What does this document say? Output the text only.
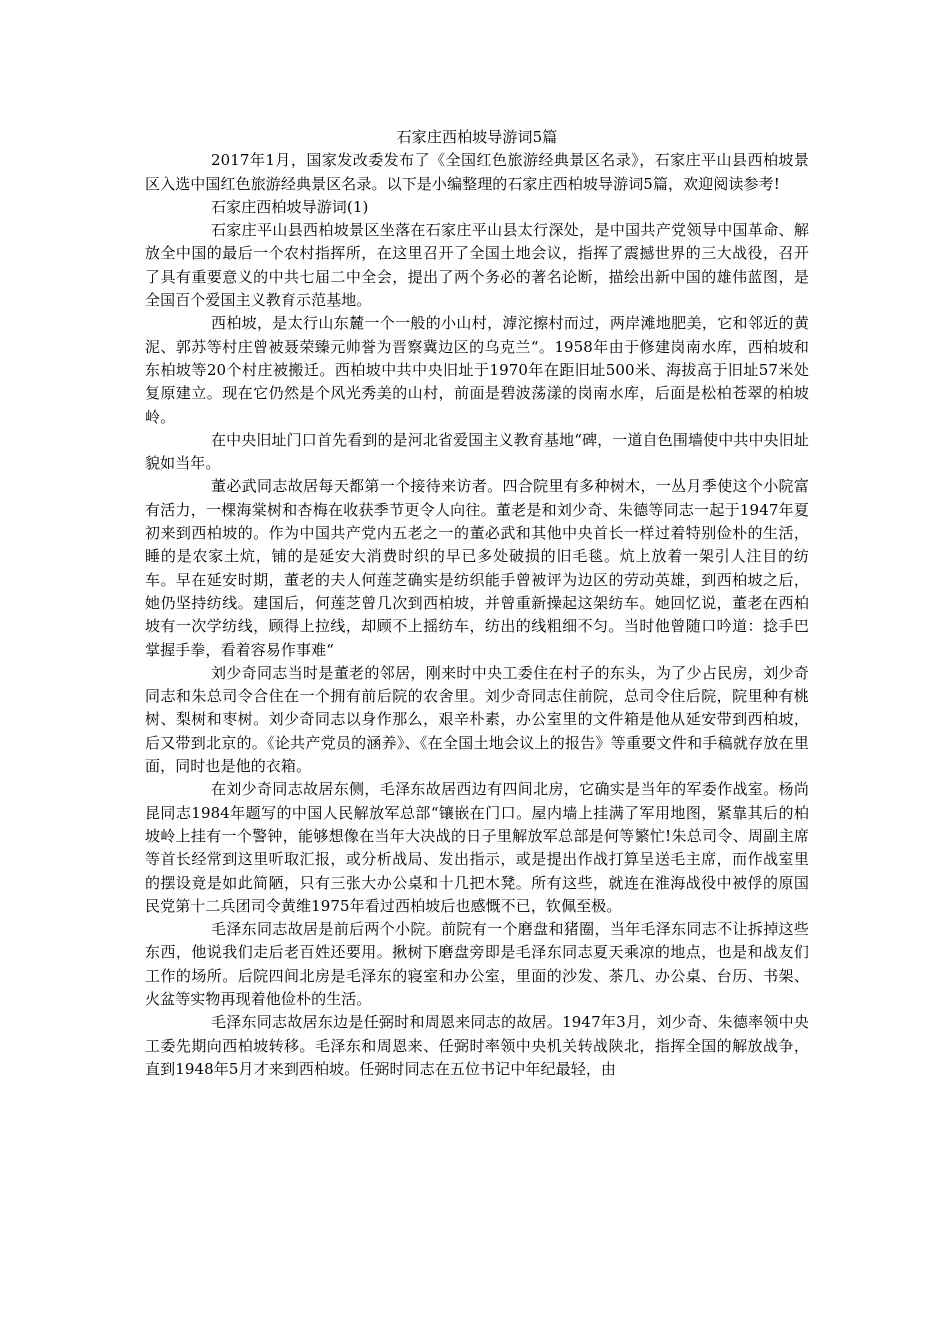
石家庄西柏坡导游词5篇

2017年1月，国家发改委发布了《全国红色旅游经典景区名录》，石家庄平山县西柏坡景区入选中国红色旅游经典景区名录。以下是小编整理的石家庄西柏坡导游词5篇，欢迎阅读参考!

石家庄西柏坡导游词(1)

石家庄平山县西柏坡景区坐落在石家庄平山县太行深处，是中国共产党领导中国革命、解放全中国的最后一个农村指挥所，在这里召开了全国土地会议，指挥了震撼世界的三大战役，召开了具有重要意义的中共七届二中全会，提出了两个务必的著名论断，描绘出新中国的雄伟蓝图，是全国百个爱国主义教育示范基地。

西柏坡，是太行山东麓一个一般的小山村，滹沱擦村而过，两岸滩地肥美，它和邻近的黄泥、郭苏等村庄曾被聂荣臻元帅誉为晋察冀边区的乌克兰“。1958年由于修建岗南水库，西柏坡和东柏坡等20个村庄被搬迁。西柏坡中共中央旧址于1970年在距旧址500米、海拔高于旧址57米处复原建立。现在它仍然是个风光秀美的山村，前面是碧波荡漾的岗南水库，后面是松柏苍翠的柏坡岭。

在中央旧址门口首先看到的是河北省爱国主义教育基地“碑，一道自色围墙使中共中央旧址貌如当年。

董必武同志故居每天都第一个接待来访者。四合院里有多种树木，一丛月季使这个小院富有活力，一棵海棠树和杏梅在收获季节更令人向往。董老是和刘少奇、朱德等同志一起于1947年夏初来到西柏坡的。作为中国共产党内五老之一的董必武和其他中央首长一样过着特别俭朴的生活，睡的是农家土炕，铺的是延安大消费时织的早已多处破损的旧毛毯。炕上放着一架引人注目的纺车。早在延安时期，董老的夫人何莲芝确实是纺织能手曾被评为边区的劳动英雄，到西柏坡之后，她仍坚持纺线。建国后，何莲芝曾几次到西柏坡，并曾重新操起这架纺车。她回忆说，董老在西柏坡有一次学纺线，顾得上拉线，却顾不上摇纺车，纺出的线粗细不匀。当时他曾随口吟道：捻手巴掌握手拳，看着容易作事难“

刘少奇同志当时是董老的邻居，刚来时中央工委住在村子的东头，为了少占民房，刘少奇同志和朱总司令合住在一个拥有前后院的农舍里。刘少奇同志住前院，总司令住后院，院里种有桃树、梨树和枣树。刘少奇同志以身作那么，艰辛朴素，办公室里的文件箱是他从延安带到西柏坡，后又带到北京的。《论共产党员的涵养》、《在全国土地会议上的报告》等重要文件和手稿就存放在里面，同时也是他的衣箱。

在刘少奇同志故居东侧，毛泽东故居西边有四间北房，它确实是当年的军委作战室。杨尚昆同志1984年题写的中国人民解放军总部“镶嵌在门口。屋内墙上挂满了军用地图，紧靠其后的柏坡岭上挂有一个警钟，能够想像在当年大决战的日子里解放军总部是何等繁忙!朱总司令、周副主席等首长经常到这里听取汇报，或分析战局、发出指示，或是提出作战打算呈送毛主席，而作战室里的摆设竟是如此简陋，只有三张大办公桌和十几把木凳。所有这些，就连在淮海战役中被俘的原国民党第十二兵团司令黄维1975年看过西柏坡后也感慨不已，钦佩至极。

毛泽东同志故居是前后两个小院。前院有一个磨盘和猪圈，当年毛泽东同志不让拆掉这些东西，他说我们走后老百姓还要用。揪树下磨盘旁即是毛泽东同志夏天乘凉的地点，也是和战友们工作的场所。后院四间北房是毛泽东的寝室和办公室，里面的沙发、茶几、办公桌、台历、书架、火盆等实物再现着他俭朴的生活。

毛泽东同志故居东边是任弼时和周恩来同志的故居。1947年3月，刘少奇、朱德率领中央工委先期向西柏坡转移。毛泽东和周恩来、任弼时率领中央机关转战陕北，指挥全国的解放战争，直到1948年5月才来到西柏坡。任弼时同志在五位书记中年纪最轻，由
